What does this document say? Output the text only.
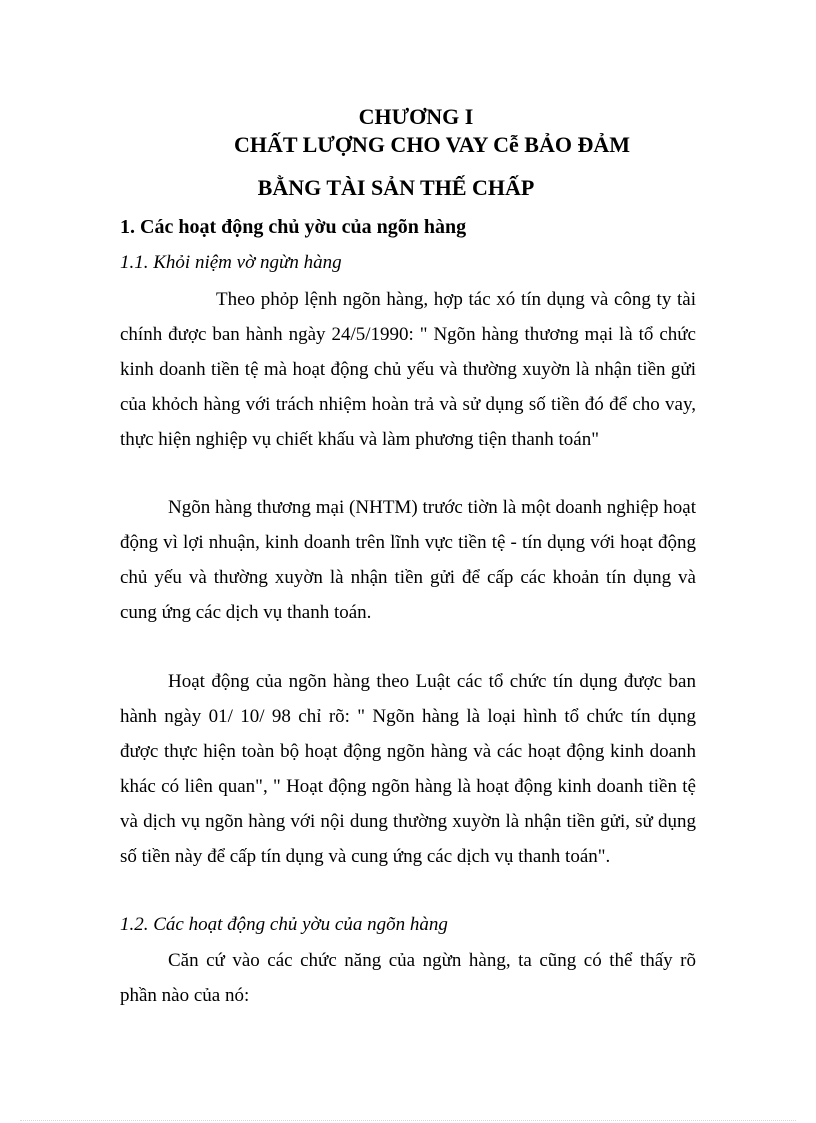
CHƯƠNG I
CHẤT LƯỢNG CHO VAY Cễ BẢO ĐẢM
BẰNG TÀI SẢN THẾ CHẤP
1. Các hoạt động chủ yờu của ngõn hàng
1.1. Khỏi niệm vờ ngừn hàng

Theo phỏp lệnh ngõn hàng, hợp tác xó tín dụng và công ty tài chính được ban hành ngày 24/5/1990: " Ngõn hàng thương mại là tổ chức kinh doanh tiền tệ mà hoạt động chủ yếu và thường xuyờn là nhận tiền gửi của khỏch hàng với trách nhiệm hoàn trả và sử dụng số tiền đó để cho vay, thực hiện nghiệp vụ chiết khấu và làm phương tiện thanh toán"

Ngõn hàng thương mại (NHTM) trước tiờn là một doanh nghiệp hoạt động vì lợi nhuận, kinh doanh trên lĩnh vực tiền tệ - tín dụng với hoạt động chủ yếu và thường xuyờn là nhận tiền gửi để cấp các khoản tín dụng và cung ứng các dịch vụ thanh toán.

Hoạt động của ngõn hàng theo Luật các tổ chức tín dụng được ban hành ngày 01/ 10/ 98 chỉ rõ: " Ngõn hàng là loại hình tổ chức tín dụng được thực hiện toàn bộ hoạt động ngõn hàng và các hoạt động kinh doanh khác có liên quan", " Hoạt động ngõn hàng là hoạt động kinh doanh tiền tệ và dịch vụ ngõn hàng với nội dung thường xuyờn là nhận tiền gửi, sử dụng số tiền này để cấp tín dụng và cung ứng các dịch vụ thanh toán".

1.2. Các hoạt động chủ yờu của ngõn hàng

Căn cứ vào các chức năng của ngừn hàng, ta cũng có thể thấy rõ phần nào của nó:
